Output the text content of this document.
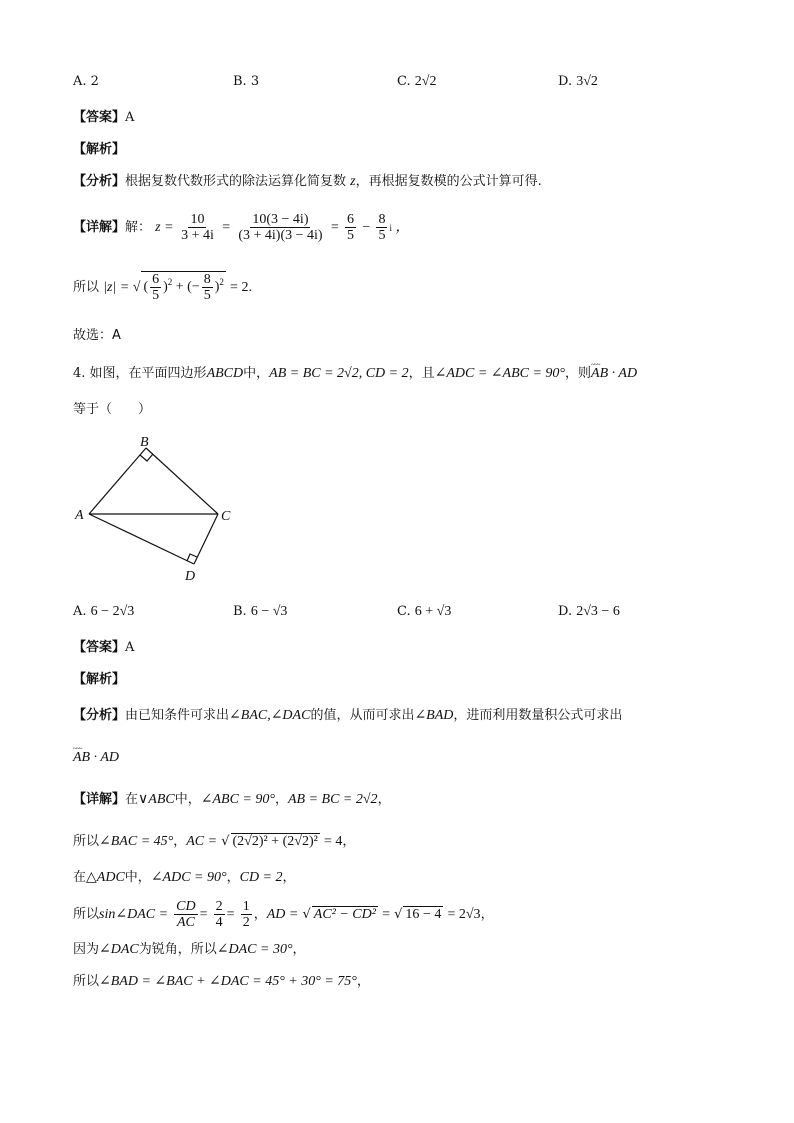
A. 2	B. 3	C. 2√2	D. 3√2
【答案】A
【解析】
【分析】根据复数代数形式的除法运算化简复数 z，再根据复数模的公式计算可得.
【详解】解： $z = \frac{10}{3 + 4i} = \frac{10(3 - 4i)}{(3 + 4i)(3 - 4i)} = \frac{6}{5} - \frac{8}{5}$ i ，
所以 |z| = √ ( $\frac{6}{5} )^2$ + (− $\frac{8}{5} )^2 = 2$.
故选：A
4. 如图，在平面四边形ABCD中，AB = BC = 2√2, CD = 2，且∠ADC = ∠ABC = 90°，则~~~ AB · AD
等于（　　）
B
A	C
D
A. 6 − 2√3	B. 6 − √3	C. 6 + √3	D. 2√3 − 6
【答案】A
【解析】
【分析】由已知条件可求出∠BAC,∠DAC的值，从而可求出∠BAD，进而利用数量积公式可求出
~~~ AB · AD
【详解】在∨ABC中，∠ABC = 90°，AB = BC = 2√2，
所以∠BAC = 45°，AC = √ (2√2)² + (2√2)² = 4，
在△ADC中，∠ADC = 90°，CD = 2，
所以sin∠DAC = $\frac{CD}{AC} = \frac{2}{4} = \frac{1}{2}$ ，AD = √ AC² − CD² = √ 16 − 4 = 2√3，
因为∠DAC为锐角，所以∠DAC = 30°，
所以∠BAD = ∠BAC + ∠DAC = 45° + 30° = 75°，
